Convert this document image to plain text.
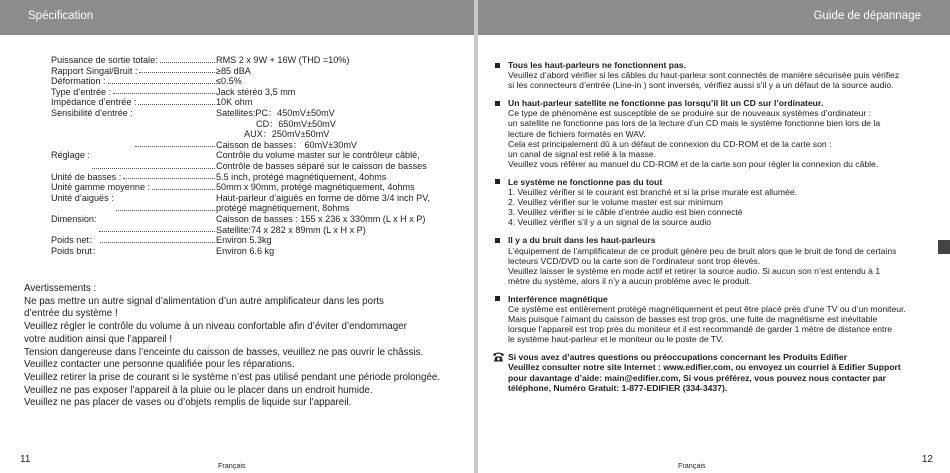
Spécification
Puissance de sortie totale:	RMS 2 x 9W + 16W (THD =10%)
Rapport Singal/Bruit :	≥85 dBA
Déformation :	≤0.5%
Type d’entrée :	Jack stéréo 3,5 mm
Impédance d’entrée :	10K ohm
Sensibilité d’entrée :	Satellites:PC：450mV±50mV
CD：650mV±50mV
AUX：250mV±50mV
Caisson de basses： 60mV±30mV
Réglage :	Contrôle du volume master sur le contrôleur câblé,
Contrôle de basses séparé sur le caisson de basses
Unité de basses :	5.5 inch, protégé magnétiquement, 4ohms
Unité gamme moyenne :	50mm x 90mm, protégé magnétiquement, 4ohms
Unité d’aiguës :	Haut-parleur d’aiguës en forme de dôme 3/4 inch PV,
protégé magnétiquement, 8ohms
Dimension:	Caisson de basses : 155 x 236 x 330mm (L x H x P)
Satellite:74 x 282 x 89mm (L x H x P)
Poids net：	Environ 5.3kg
Poids brut：	Environ 6.6 kg
Avertissements :
Ne pas mettre un autre signal d’alimentation d’un autre amplificateur dans les ports
d’entrée du système !
Veuillez régler le contrôle du volume à un niveau confortable afin d’éviter d’endommager
votre audition ainsi que l’appareil !
Tension dangereuse dans l’enceinte du caisson de basses, veuillez ne pas ouvrir le châssis.
Veuillez contacter une personne qualifiée pour les réparations.
Veuillez retirer la prise de courant si le système n’est pas utilisé pendant une période prolongée.
Veuillez ne pas exposer l’appareil à la pluie ou le placer dans un endroit humide.
Veuillez ne pas placer de vases ou d’objets remplis de liquide sur l’appareil.
11
Français
Guide de dépannage
Tous les haut-parleurs ne fonctionnent pas.
Veuillez d’abord vérifier si les câbles du haut-parleur sont connectés de manière sécurisée puis vérifiez
si les connecteurs d’entrée (Line-in ) sont inversés, vérifiez aussi s’il y a un défaut de la source audio.
Un haut-parleur satellite ne fonctionne pas lorsqu’il lit un CD sur l’ordinateur.
Ce type de phénomène est susceptible de se produire sur de nouveaux systèmes d’ordinateur :
un satellite ne fonctionne pas lors de la lecture d’un CD mais le système fonctionne bien lors de la
lecture de fichiers formatés en WAV.
Cela est principalement dû à un défaut de connexion du CD-ROM et de la carte son :
un canal de signal est relié à la masse.
Veuillez vous référer au manuel du CD-ROM et de la carte son pour régler la connexion du câble.
Le système ne fonctionne pas du tout
1. Veuillez vérifier si le courant est branché et si la prise murale est allumée.
2. Veuillez vérifier sur le volume master est sur minimum
3. Veuillez vérifier si le câble d’entrée audio est bien connecté
4. Veuillez vérifier s’il y a un signal de la source audio
Il y a du bruit dans les haut-parleurs
L’équipement de l’amplificateur de ce produit génère peu de bruit alors que le bruit de fond de certains
lecteurs VCD/DVD ou la carte son de l’ordinateur sont trop élevés.
Veuillez laisser le système en mode actif et retirer la source audio. Si aucun son n’est entendu à 1
mètre du système, alors il n’y a aucun problème avec le produit.
Interférence magnétique
Ce système est entièrement protégé magnétiquement et peut être placé près d’une TV ou d’un moniteur.
Mais puisque l’aimant du caisson de basses est trop gros, une fuite de magnétisme est inévitable
lorsque l’appareil est trop près du moniteur et il est recommandé de garder 1 mètre de distance entre
le système haut-parleur et le moniteur ou le poste de TV.
Si vous avez d’autres questions ou préoccupations concernant les Produits Edifier
Veuillez consulter notre site Internet : www.edifier.com, ou envoyez un courriel à Edifier Support
pour davantage d’aide: main@edifier.com, Si vous préférez, vous pouvez nous contacter par
téléphone, Numéro Gratuit: 1-877-EDIFIER (334-3437).
12
Français
